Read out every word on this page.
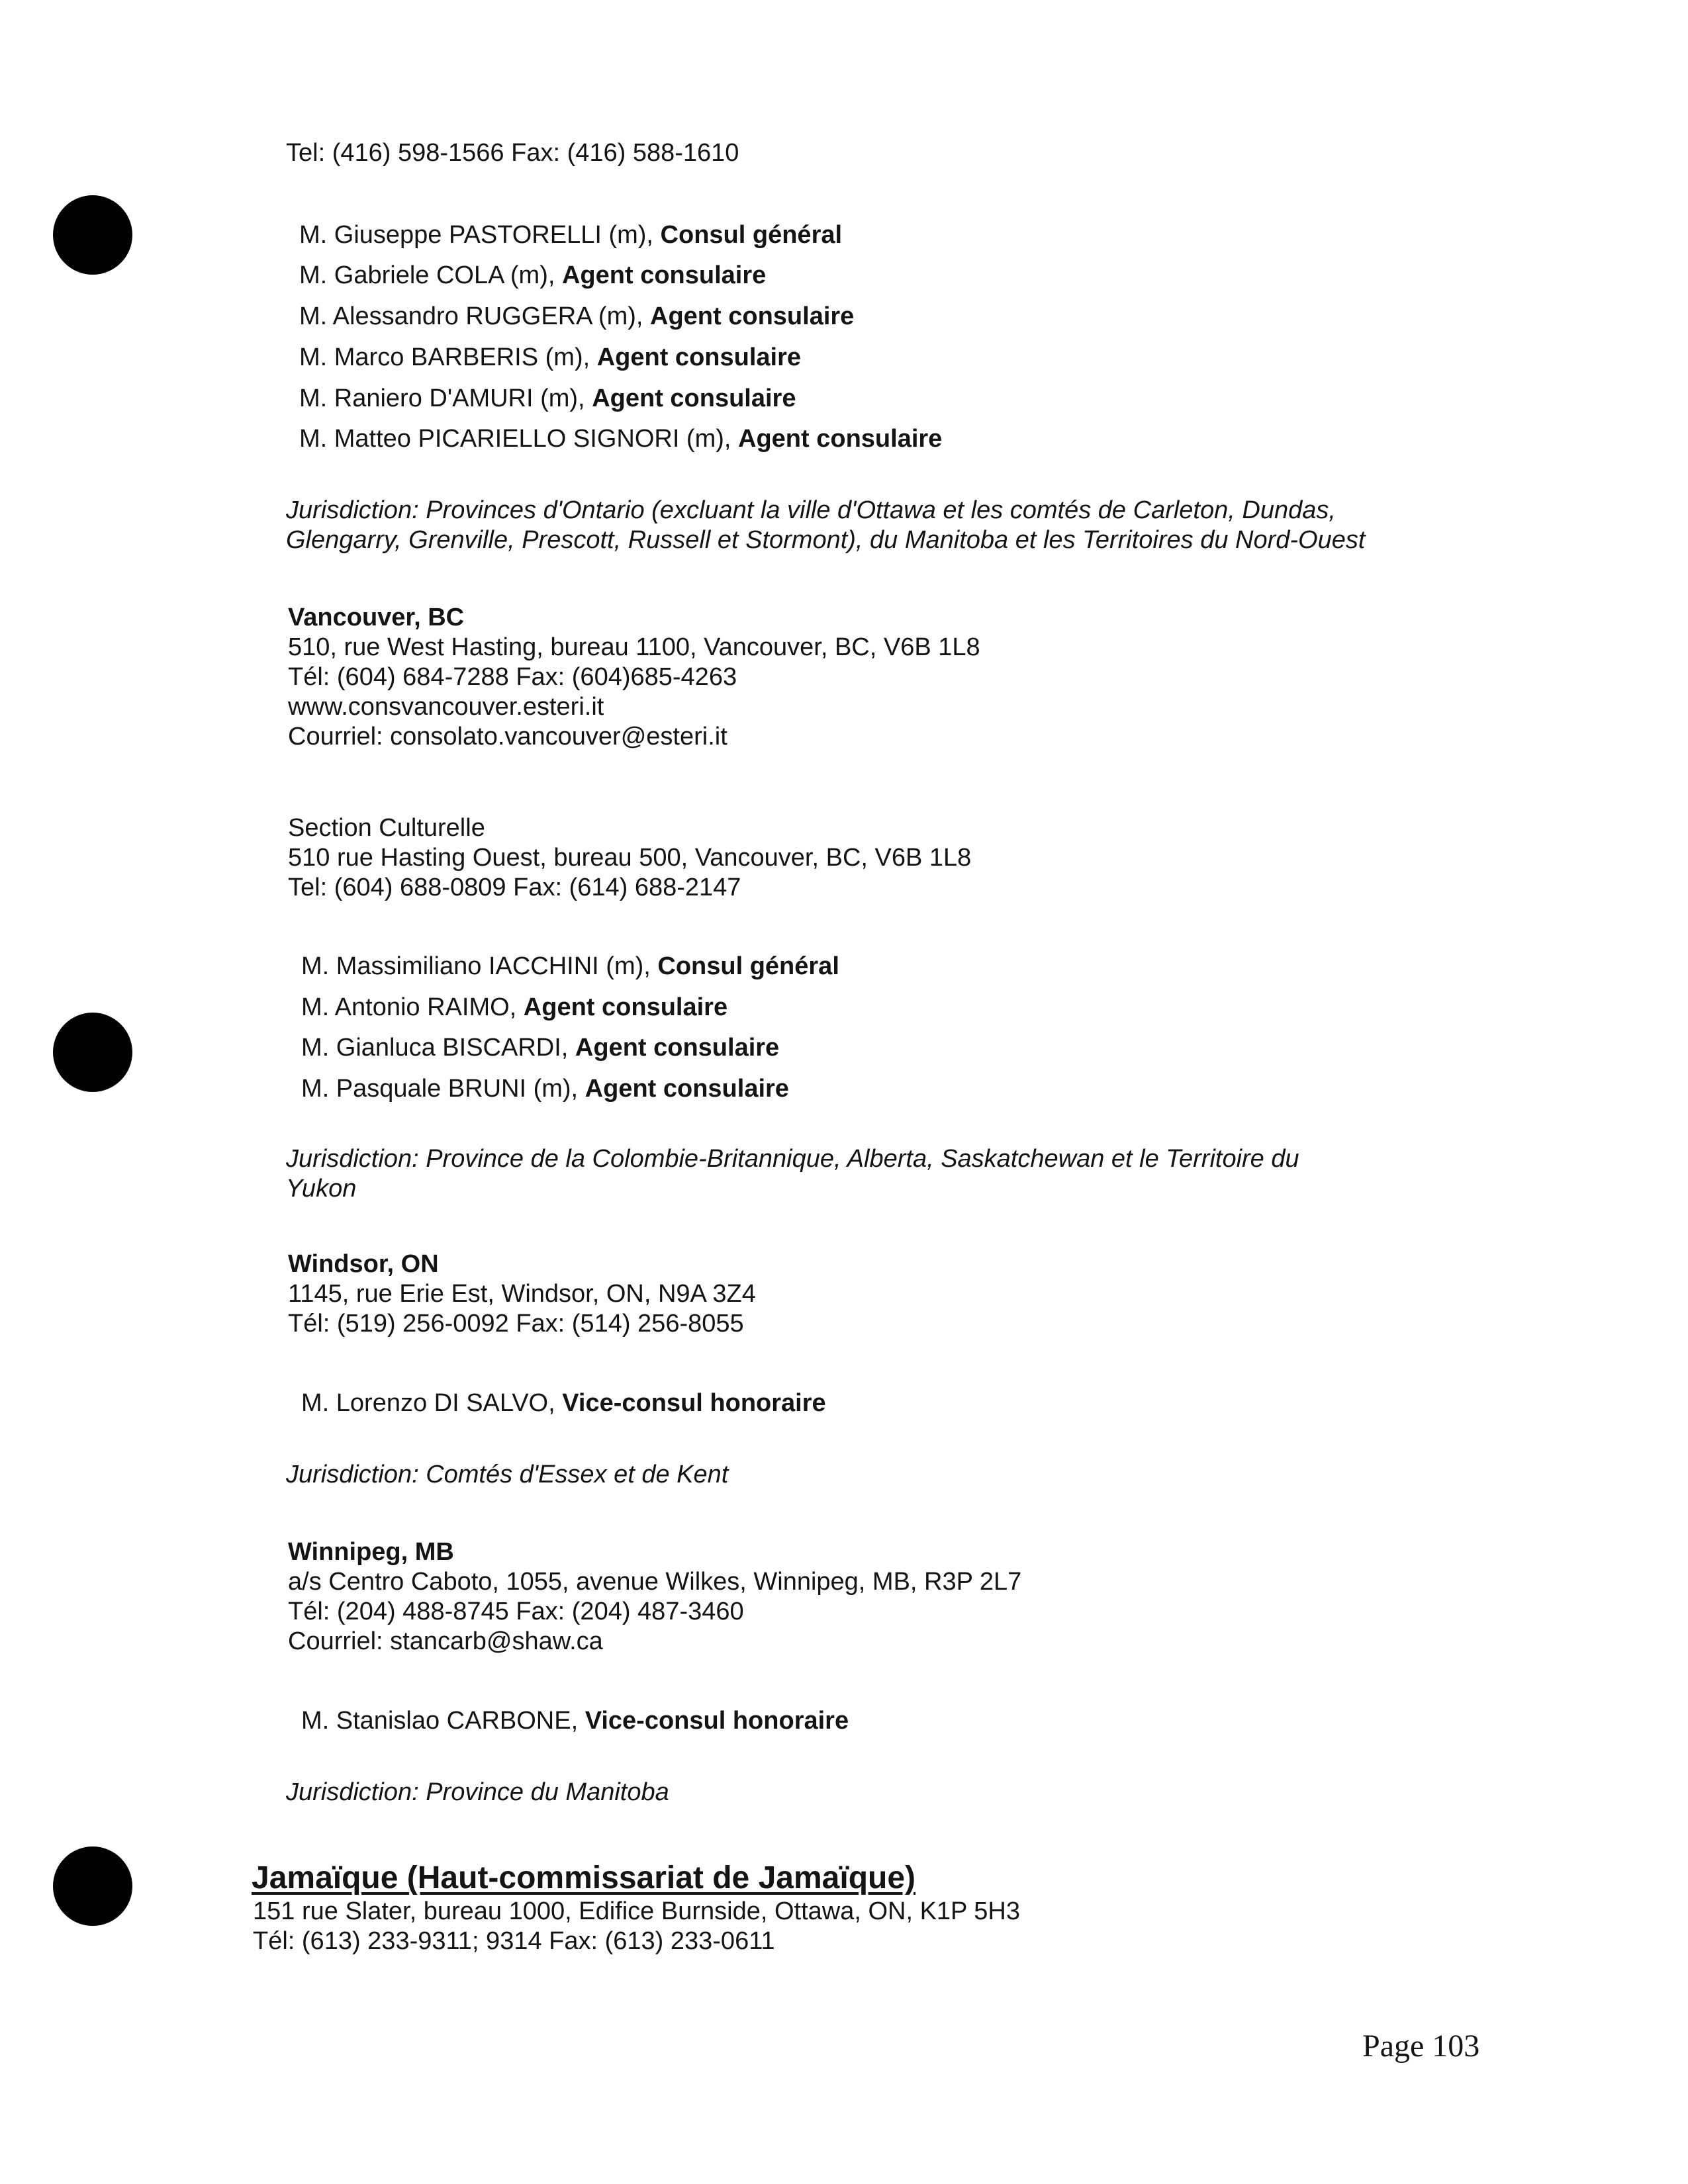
Tel: (416) 598-1566 Fax: (416) 588-1610
M. Giuseppe PASTORELLI (m), Consul général
M. Gabriele COLA (m), Agent consulaire
M. Alessandro RUGGERA (m), Agent consulaire
M. Marco BARBERIS (m), Agent consulaire
M. Raniero D'AMURI (m), Agent consulaire
M. Matteo PICARIELLO SIGNORI (m), Agent consulaire
Jurisdiction: Provinces d'Ontario (excluant la ville d'Ottawa et les comtés de Carleton, Dundas,
Glengarry, Grenville, Prescott, Russell et Stormont), du Manitoba et les Territoires du Nord-Ouest
Vancouver, BC
510, rue West Hasting, bureau 1100, Vancouver, BC, V6B 1L8
Tél: (604) 684-7288 Fax: (604)685-4263
www.consvancouver.esteri.it
Courriel: consolato.vancouver@esteri.it
Section Culturelle
510 rue Hasting Ouest, bureau 500, Vancouver, BC, V6B 1L8
Tel: (604) 688-0809 Fax: (614) 688-2147
M. Massimiliano IACCHINI (m), Consul général
M. Antonio RAIMO, Agent consulaire
M. Gianluca BISCARDI, Agent consulaire
M. Pasquale BRUNI (m), Agent consulaire
Jurisdiction: Province de la Colombie-Britannique, Alberta, Saskatchewan et le Territoire du
Yukon
Windsor, ON
1145, rue Erie Est, Windsor, ON, N9A 3Z4
Tél: (519) 256-0092 Fax: (514) 256-8055
M. Lorenzo DI SALVO, Vice-consul honoraire
Jurisdiction: Comtés d'Essex et de Kent
Winnipeg, MB
a/s Centro Caboto, 1055, avenue Wilkes, Winnipeg, MB, R3P 2L7
Tél: (204) 488-8745 Fax: (204) 487-3460
Courriel: stancarb@shaw.ca
M. Stanislao CARBONE, Vice-consul honoraire
Jurisdiction: Province du Manitoba
Jamaïque (Haut-commissariat de Jamaïque)
151 rue Slater, bureau 1000, Edifice Burnside, Ottawa, ON, K1P 5H3
Tél: (613) 233-9311; 9314 Fax: (613) 233-0611
Page 103
